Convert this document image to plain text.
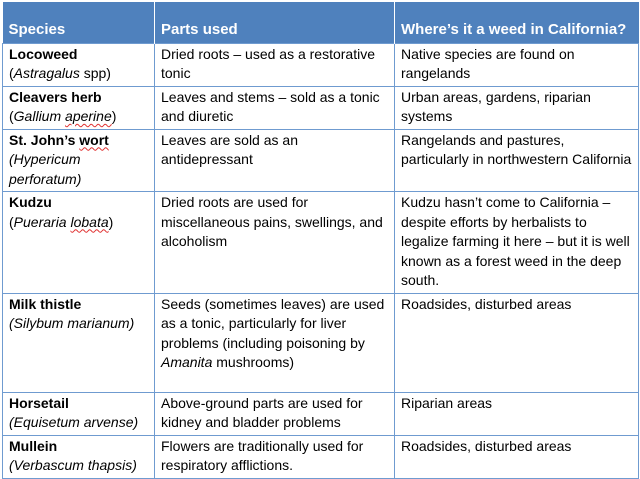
Species	Parts used	Where’s it a weed in California?

Locoweed
(Astragalus spp)	Dried roots – used as a restorative tonic	Native species are found on rangelands

Cleavers herb
(Gallium aperine)	Leaves and stems – sold as a tonic and diuretic	Urban areas, gardens, riparian systems

St. John’s wort
(Hypericum
perforatum)	Leaves are sold as an antidepressant	Rangelands and pastures, particularly in northwestern California

Kudzu
(Pueraria lobata)	Dried roots are used for miscellaneous pains, swellings, and alcoholism	Kudzu hasn’t come to California – despite efforts by herbalists to legalize farming it here – but it is well known as a forest weed in the deep south.

Milk thistle
(Silybum marianum)	Seeds (sometimes leaves) are used as a tonic, particularly for liver problems (including poisoning by Amanita mushrooms)	Roadsides, disturbed areas

Horsetail
(Equisetum arvense)	Above-ground parts are used for kidney and bladder problems	Riparian areas

Mullein
(Verbascum thapsis)	Flowers are traditionally used for respiratory afflictions.	Roadsides, disturbed areas
